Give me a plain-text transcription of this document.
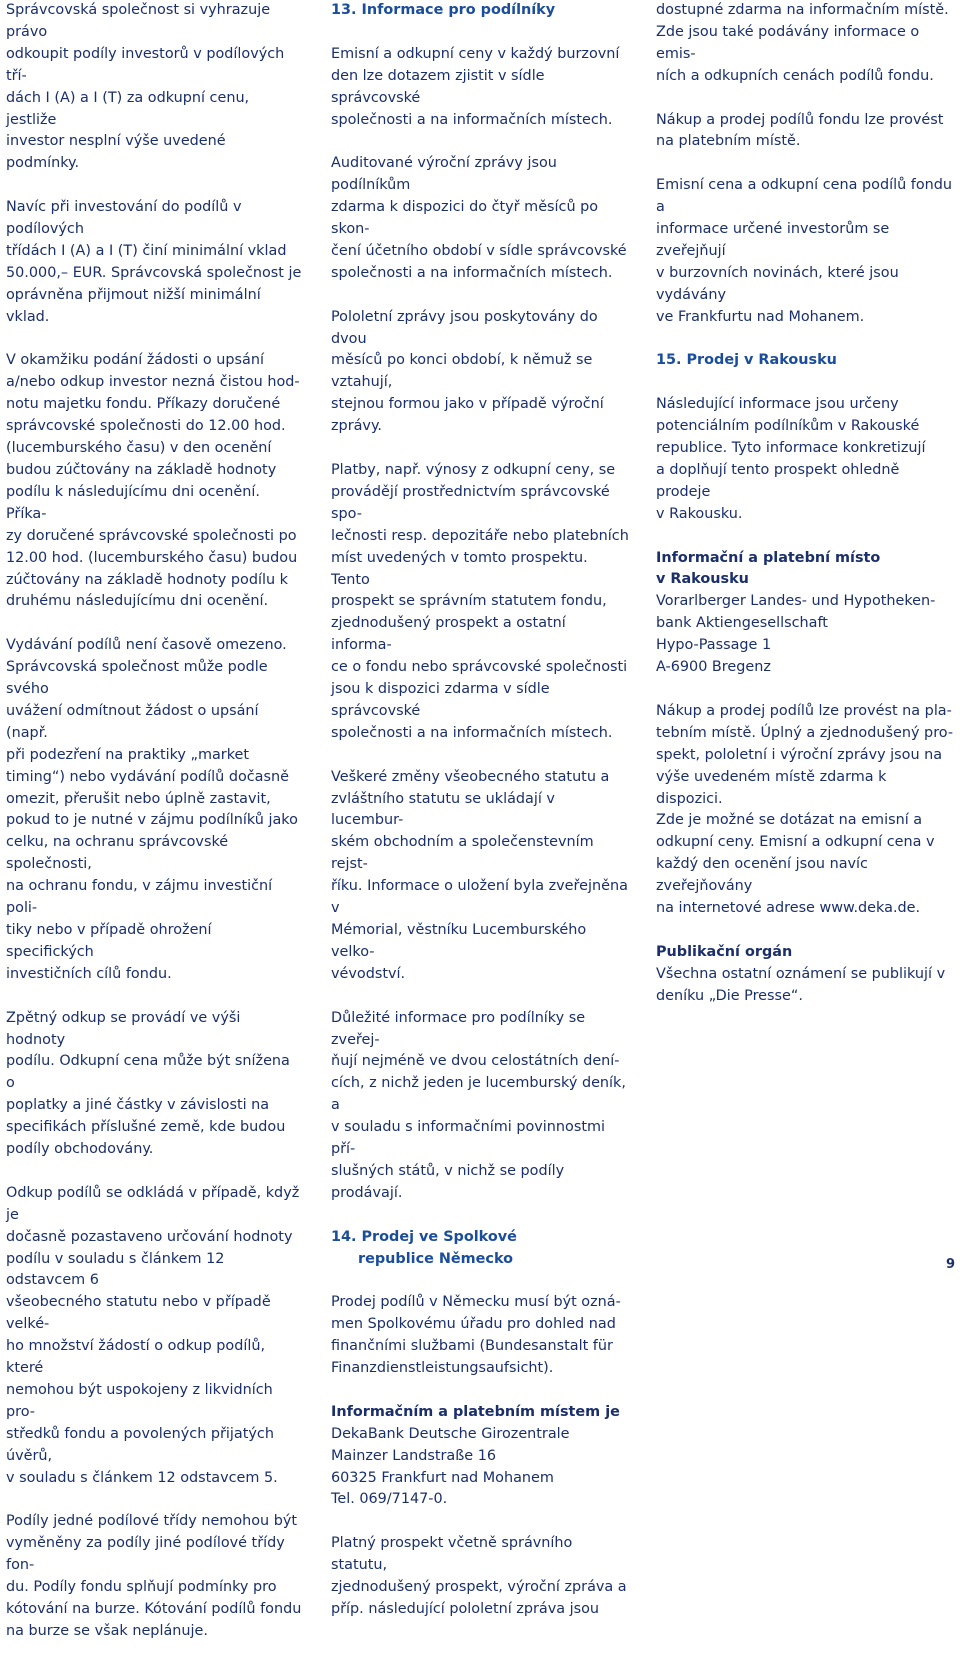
Správcovská společnost si vyhrazuje právo
odkoupit podíly investorů v podílových tří-
dách I (A) a I (T) za odkupní cenu, jestliže
investor nesplní výše uvedené podmínky.

Navíc při investování do podílů v podílových
třídách I (A) a I (T) činí minimální vklad
50.000,– EUR. Správcovská společnost je
oprávněna přijmout nižší minimální vklad.

V okamžiku podání žádosti o upsání
a/nebo odkup investor nezná čistou hod-
notu majetku fondu. Příkazy doručené
správcovské společnosti do 12.00 hod.
(lucemburského času) v den ocenění
budou zúčtovány na základě hodnoty
podílu k následujícímu dni ocenění. Příka-
zy doručené správcovské společnosti po
12.00 hod. (lucemburského času) budou
zúčtovány na základě hodnoty podílu k
druhému následujícímu dni ocenění.

Vydávání podílů není časově omezeno.
Správcovská společnost může podle svého
uvážení odmítnout žádost o upsání (např.
při podezření na praktiky „market
timing“) nebo vydávání podílů dočasně
omezit, přerušit nebo úplně zastavit,
pokud to je nutné v zájmu podílníků jako
celku, na ochranu správcovské společnosti,
na ochranu fondu, v zájmu investiční poli-
tiky nebo v případě ohrožení specifických
investičních cílů fondu.

Zpětný odkup se provádí ve výši hodnoty
podílu. Odkupní cena může být snížena o
poplatky a jiné částky v závislosti na
specifikách příslušné země, kde budou
podíly obchodovány.

Odkup podílů se odkládá v případě, když je
dočasně pozastaveno určování hodnoty
podílu v souladu s článkem 12 odstavcem 6
všeobecného statutu nebo v případě velké-
ho množství žádostí o odkup podílů, které
nemohou být uspokojeny z likvidních pro-
středků fondu a povolených přijatých úvěrů,
v souladu s článkem 12 odstavcem 5.

Podíly jedné podílové třídy nemohou být
vyměněny za podíly jiné podílové třídy fon-
du. Podíly fondu splňují podmínky pro
kótování na burze. Kótování podílů fondu
na burze se však neplánuje.

13. Informace pro podílníky

Emisní a odkupní ceny v každý burzovní
den lze dotazem zjistit v sídle správcovské
společnosti a na informačních místech.

Auditované výroční zprávy jsou podílníkům
zdarma k dispozici do čtyř měsíců po skon-
čení účetního období v sídle správcovské
společnosti a na informačních místech.

Pololetní zprávy jsou poskytovány do dvou
měsíců po konci období, k němuž se vztahují,
stejnou formou jako v případě výroční zprávy.

Platby, např. výnosy z odkupní ceny, se
provádějí prostřednictvím správcovské spo-
lečnosti resp. depozitáře nebo platebních
míst uvedených v tomto prospektu. Tento
prospekt se správním statutem fondu,
zjednodušený prospekt a ostatní informa-
ce o fondu nebo správcovské společnosti
jsou k dispozici zdarma v sídle správcovské
společnosti a na informačních místech.

Veškeré změny všeobecného statutu a
zvláštního statutu se ukládají v lucembur-
ském obchodním a společenstevním rejst-
říku. Informace o uložení byla zveřejněna v
Mémorial, věstníku Lucemburského velko-
vévodství.

Důležité informace pro podílníky se zveřej-
ňují nejméně ve dvou celostátních dení-
cích, z nichž jeden je lucemburský deník, a
v souladu s informačními povinnostmi pří-
slušných států, v nichž se podíly prodávají.

14. Prodej ve Spolkové
republice Německo

Prodej podílů v Německu musí být ozná-
men Spolkovému úřadu pro dohled nad
finančními službami (Bundesanstalt für
Finanzdienstleistungsaufsicht).

Informačním a platebním místem je

DekaBank Deutsche Girozentrale
Mainzer Landstraße 16
60325 Frankfurt nad Mohanem
Tel. 069/7147-0.

Platný prospekt včetně správního statutu,
zjednodušený prospekt, výroční zpráva a
příp. následující pololetní zpráva jsou

dostupné zdarma na informačním místě.
Zde jsou také podávány informace o emis-
ních a odkupních cenách podílů fondu.

Nákup a prodej podílů fondu lze provést
na platebním místě.

Emisní cena a odkupní cena podílů fondu a
informace určené investorům se zveřejňují
v burzovních novinách, které jsou vydávány
ve Frankfurtu nad Mohanem.

15. Prodej v Rakousku

Následující informace jsou určeny
potenciálním podílníkům v Rakouské
republice. Tyto informace konkretizují
a doplňují tento prospekt ohledně prodeje
v Rakousku.

Informační a platební místo
v Rakousku

Vorarlberger Landes- und Hypotheken-
bank Aktiengesellschaft
Hypo-Passage 1
A-6900 Bregenz

Nákup a prodej podílů lze provést na pla-
tebním místě. Úplný a zjednodušený pro-
spekt, pololetní i výroční zprávy jsou na
výše uvedeném místě zdarma k dispozici.
Zde je možné se dotázat na emisní a
odkupní ceny. Emisní a odkupní cena v
každý den ocenění jsou navíc zveřejňovány
na internetové adrese www.deka.de.

Publikační orgán

Všechna ostatní oznámení se publikují v
deníku „Die Presse“.

9
